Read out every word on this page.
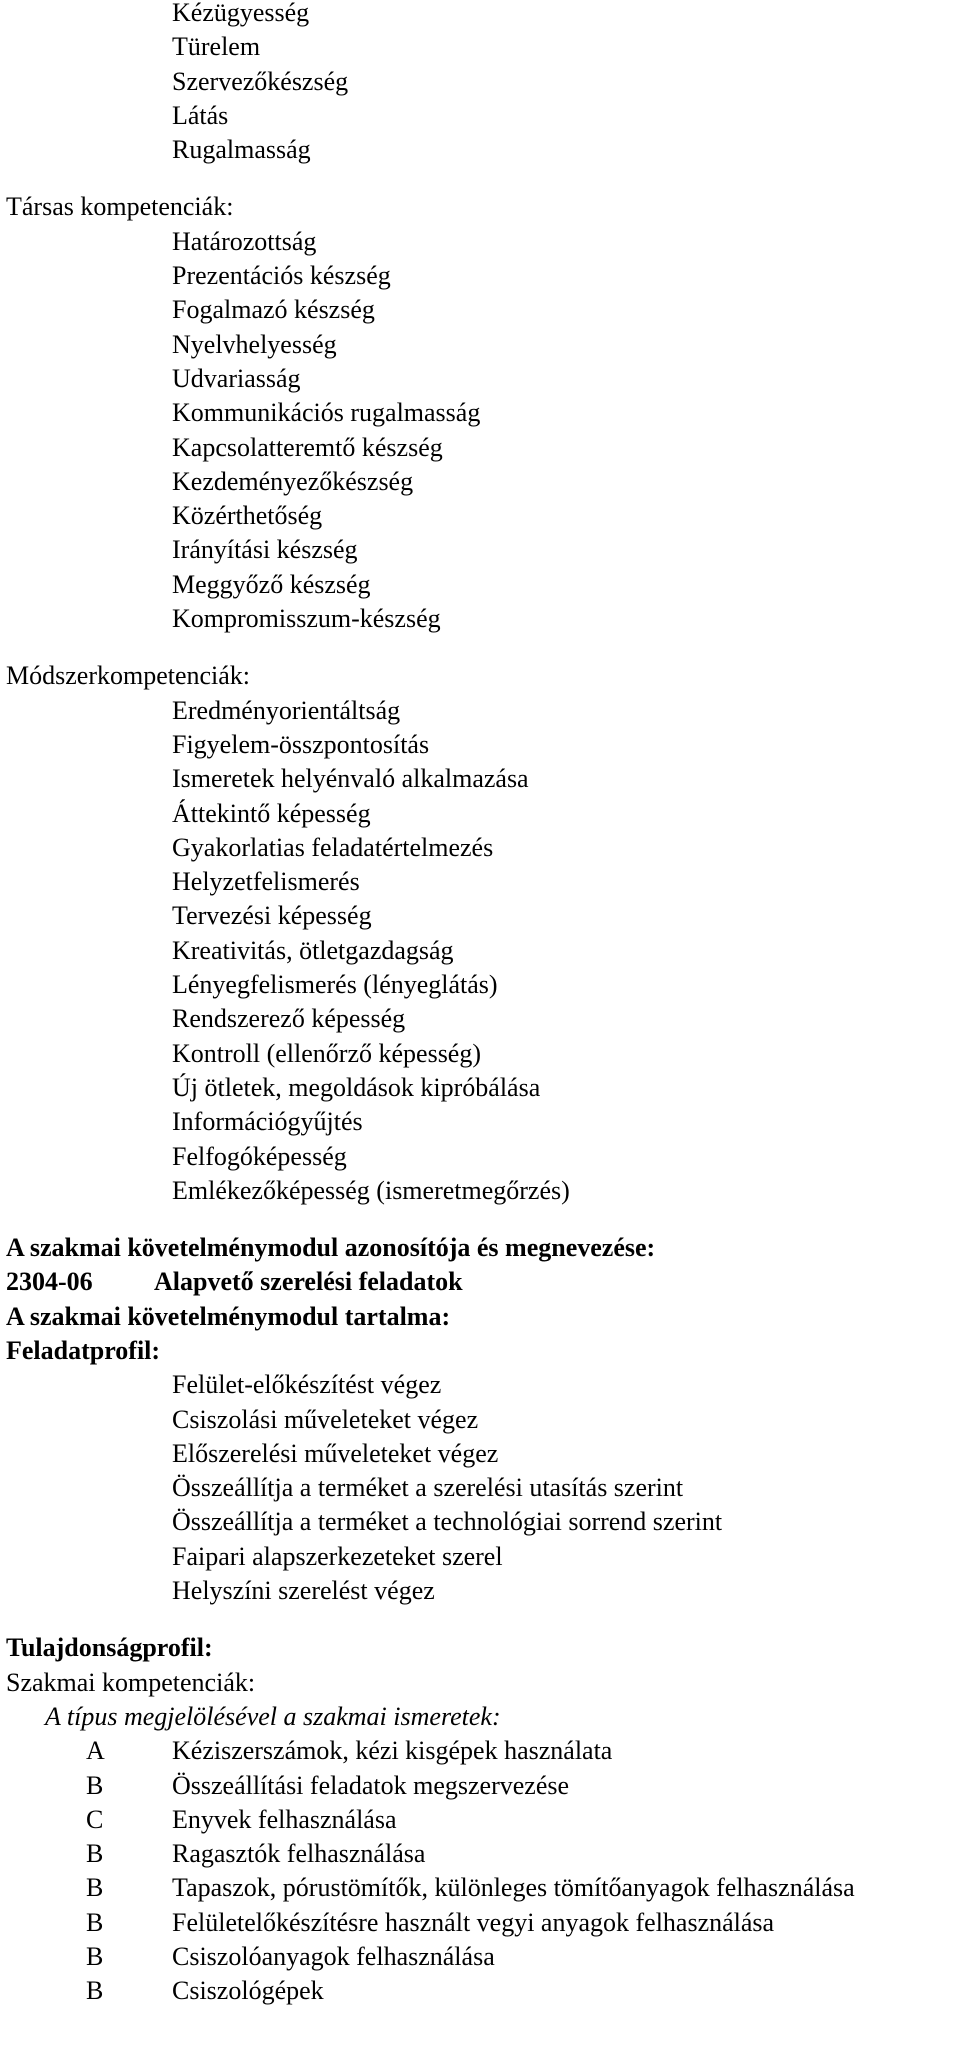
Kézügyesség
Türelem
Szervezőkészség
Látás
Rugalmasság
Társas kompetenciák:
Határozottság
Prezentációs készség
Fogalmazó készség
Nyelvhelyesség
Udvariasság
Kommunikációs rugalmasság
Kapcsolatteremtő készség
Kezdeményezőkészség
Közérthetőség
Irányítási készség
Meggyőző készség
Kompromisszum-készség
Módszerkompetenciák:
Eredményorientáltság
Figyelem-összpontosítás
Ismeretek helyénvaló alkalmazása
Áttekintő képesség
Gyakorlatias feladatértelmezés
Helyzetfelismerés
Tervezési képesség
Kreativitás, ötletgazdagság
Lényegfelismerés (lényeglátás)
Rendszerező képesség
Kontroll (ellenőrző képesség)
Új ötletek, megoldások kipróbálása
Információgyűjtés
Felfogóképesség
Emlékezőképesség (ismeretmegőrzés)
A szakmai követelménymodul azonosítója és megnevezése:
2304-06 Alapvető szerelési feladatok
A szakmai követelménymodul tartalma:
Feladatprofil:
Felület-előkészítést végez
Csiszolási műveleteket végez
Előszerelési műveleteket végez
Összeállítja a terméket a szerelési utasítás szerint
Összeállítja a terméket a technológiai sorrend szerint
Faipari alapszerkezeteket szerel
Helyszíni szerelést végez
Tulajdonságprofil:
Szakmai kompetenciák:
A típus megjelölésével a szakmai ismeretek:
A	Kéziszerszámok, kézi kisgépek használata
B	Összeállítási feladatok megszervezése
C	Enyvek felhasználása
B	Ragasztók felhasználása
B	Tapaszok, pórustömítők, különleges tömítőanyagok felhasználása
B	Felületelőkészítésre használt vegyi anyagok felhasználása
B	Csiszolóanyagok felhasználása
B	Csiszológépek
